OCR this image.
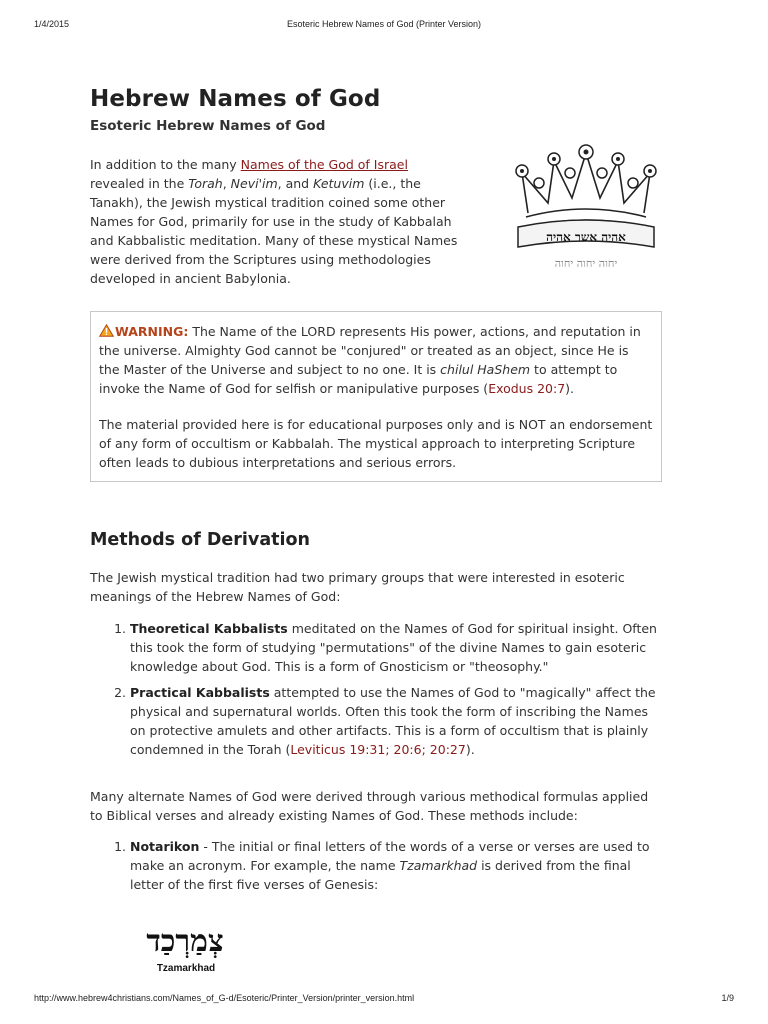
1/4/2015	Esoteric Hebrew Names of God (Printer Version)
Hebrew Names of God
Esoteric Hebrew Names of God
In addition to the many Names of the God of Israel revealed in the Torah, Nevi'im, and Ketuvim (i.e., the Tanakh), the Jewish mystical tradition coined some other Names for God, primarily for use in the study of Kabbalah and Kabbalistic meditation. Many of these mystical Names were derived from the Scriptures using methodologies developed in ancient Babylonia.
אהיה אשר אהיה
יחוה יחוה יחוה

WARNING: The Name of the LORD represents His power, actions, and reputation in the universe. Almighty God cannot be "conjured" or treated as an object, since He is the Master of the Universe and subject to no one. It is chilul HaShem to attempt to invoke the Name of God for selfish or manipulative purposes (Exodus 20:7).

The material provided here is for educational purposes only and is NOT an endorsement of any form of occultism or Kabbalah. The mystical approach to interpreting Scripture often leads to dubious interpretations and serious errors.

Methods of Derivation
The Jewish mystical tradition had two primary groups that were interested in esoteric meanings of the Hebrew Names of God:
1. Theoretical Kabbalists meditated on the Names of God for spiritual insight. Often this took the form of studying "permutations" of the divine Names to gain esoteric knowledge about God. This is a form of Gnosticism or "theosophy."
2. Practical Kabbalists attempted to use the Names of God to "magically" affect the physical and supernatural worlds. Often this took the form of inscribing the Names on protective amulets and other artifacts. This is a form of occultism that is plainly condemned in the Torah (Leviticus 19:31; 20:6; 20:27).
Many alternate Names of God were derived through various methodical formulas applied to Biblical verses and already existing Names of God. These methods include:
1. Notarikon - The initial or final letters of the words of a verse or verses are used to make an acronym. For example, the name Tzamarkhad is derived from the final letter of the first five verses of Genesis:
צְמַרְכַד
Tzamarkhad
http://www.hebrew4christians.com/Names_of_G-d/Esoteric/Printer_Version/printer_version.html	1/9
